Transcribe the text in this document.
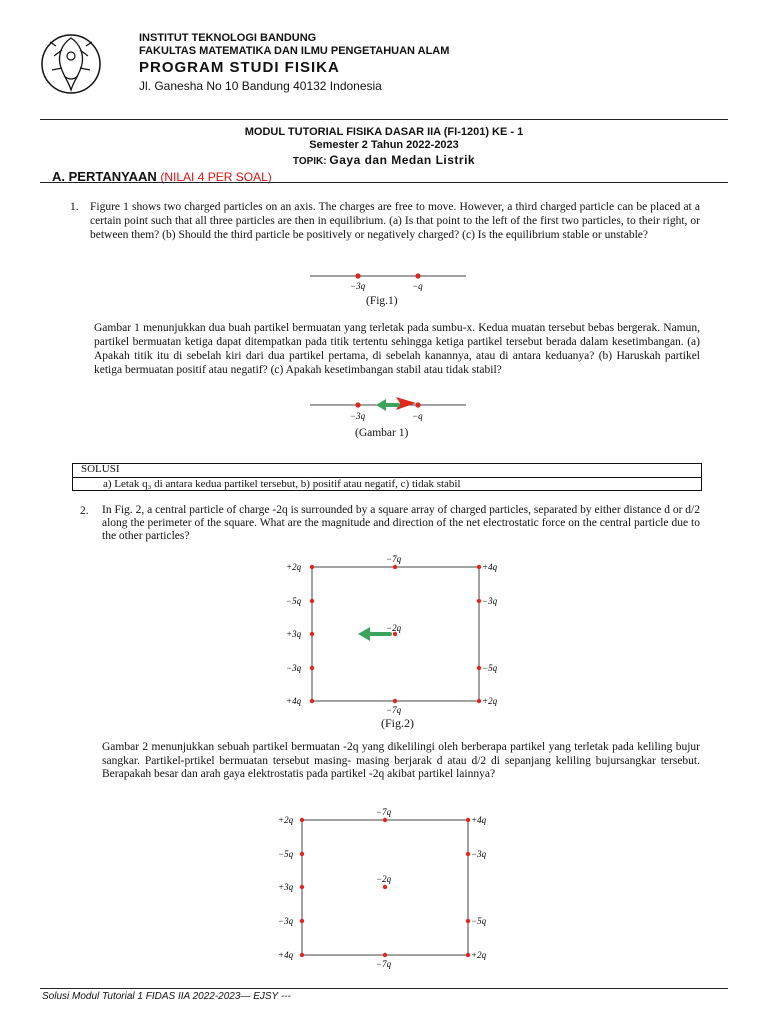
INSTITUT TEKNOLOGI BANDUNG
FAKULTAS MATEMATIKA DAN ILMU PENGETAHUAN ALAM
PROGRAM STUDI FISIKA
Jl. Ganesha No 10 Bandung 40132 Indonesia
MODUL TUTORIAL FISIKA DASAR IIA (FI-1201) KE - 1
Semester 2 Tahun 2022-2023
TOPIK: Gaya dan Medan Listrik
A. PERTANYAAN (NILAI 4 PER SOAL)
1. Figure 1 shows two charged particles on an axis. The charges are free to move. However, a third charged particle can be placed at a certain point such that all three particles are then in equilibrium. (a) Is that point to the left of the first two particles, to their right, or between them? (b) Should the third particle be positively or negatively charged? (c) Is the equilibrium stable or unstable?
−3q	−q
(Fig.1)
Gambar 1 menunjukkan dua buah partikel bermuatan yang terletak pada sumbu-x. Kedua muatan tersebut bebas bergerak. Namun, partikel bermuatan ketiga dapat ditempatkan pada titik tertentu sehingga ketiga partikel tersebut berada dalam kesetimbangan. (a) Apakah titik itu di sebelah kiri dari dua partikel pertama, di sebelah kanannya, atau di antara keduanya? (b) Haruskah partikel ketiga bermuatan positif atau negatif? (c) Apakah kesetimbangan stabil atau tidak stabil?
−3q	−q
(Gambar 1)
SOLUSI
a) Letak q₃ di antara kedua partikel tersebut, b) positif atau negatif, c) tidak stabil
2. In Fig. 2, a central particle of charge -2q is surrounded by a square array of charged particles, separated by either distance d or d/2 along the perimeter of the square. What are the magnitude and direction of the net electrostatic force on the central particle due to the other particles?
−7q
−7q
−2q
+2q
−5q
+3q
−3q
+4q
+4q
−3q
−5q
+2q
(Fig.2)
Gambar 2 menunjukkan sebuah partikel bermuatan -2q yang dikelilingi oleh berberapa partikel yang terletak pada keliling bujur sangkar. Partikel-prtikel bermuatan tersebut masing- masing berjarak d atau d/2 di sepanjang keliling bujursangkar tersebut. Berapakah besar dan arah gaya elektrostatis pada partikel -2q akibat partikel lainnya?
−7q
−7q
−2q
+2q
−5q
+3q
−3q
+4q
+4q
−3q
−5q
+2q
Solusi Modul Tutorial 1 FIDAS IIA 2022-2023— EJSY ---
